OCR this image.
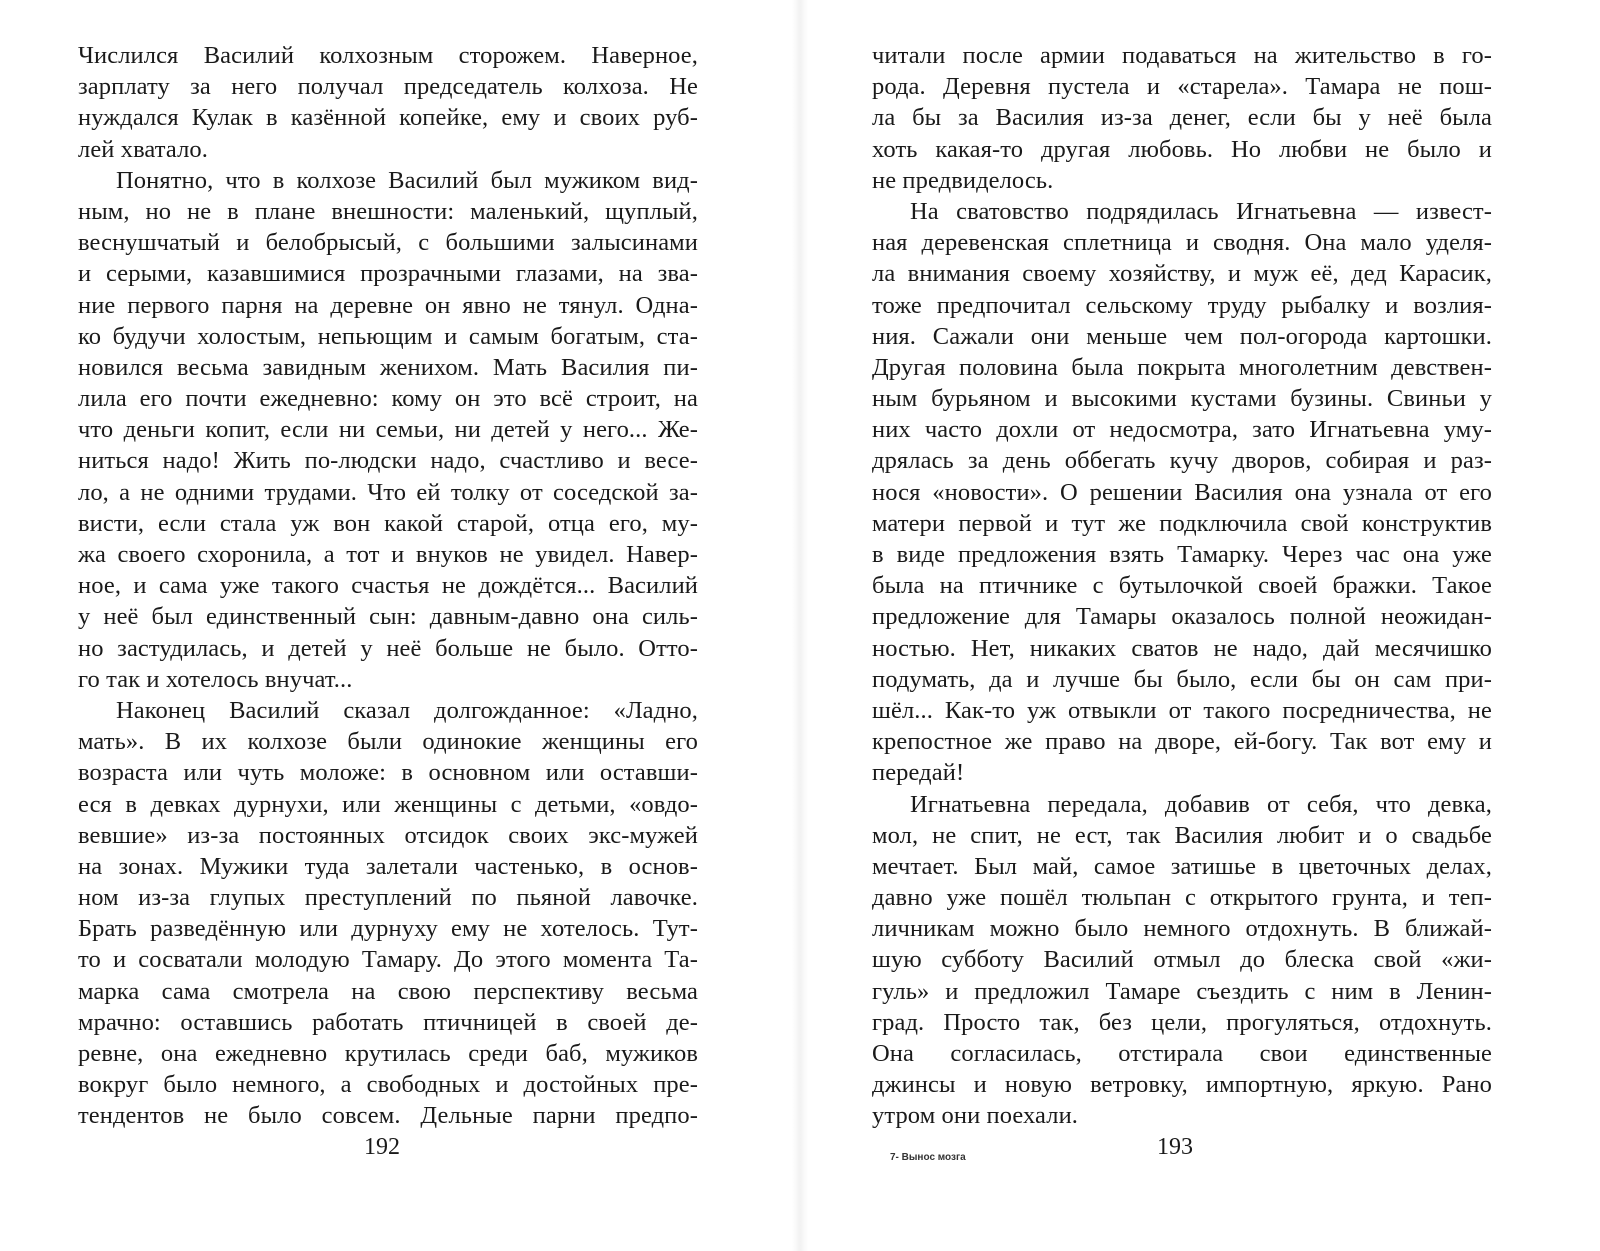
Числился Василий колхозным сторожем. Наверное,
зарплату за него получал председатель колхоза. Не
нуждался Кулак в казённой копейке, ему и своих руб-
лей хватало.
Понятно, что в колхозе Василий был мужиком вид-
ным, но не в плане внешности: маленький, щуплый,
веснушчатый и белобрысый, с большими залысинами
и серыми, казавшимися прозрачными глазами, на зва-
ние первого парня на деревне он явно не тянул. Одна-
ко будучи холостым, непьющим и самым богатым, ста-
новился весьма завидным женихом. Мать Василия пи-
лила его почти ежедневно: кому он это всё строит, на
что деньги копит, если ни семьи, ни детей у него... Же-
ниться надо! Жить по-людски надо, счастливо и весе-
ло, а не одними трудами. Что ей толку от соседской за-
висти, если стала уж вон какой старой, отца его, му-
жа своего схоронила, а тот и внуков не увидел. Навер-
ное, и сама уже такого счастья не дождётся... Василий
у неё был единственный сын: давным-давно она силь-
но застудилась, и детей у неё больше не было. Отто-
го так и хотелось внучат...
Наконец Василий сказал долгожданное: «Ладно,
мать». В их колхозе были одинокие женщины его
возраста или чуть моложе: в основном или оставши-
еся в девках дурнухи, или женщины с детьми, «овдо-
вевшие» из-за постоянных отсидок своих экс-мужей
на зонах. Мужики туда залетали частенько, в основ-
ном из-за глупых преступлений по пьяной лавочке.
Брать разведённую или дурнуху ему не хотелось. Тут-
то и сосватали молодую Тамару. До этого момента Та-
марка сама смотрела на свою перспективу весьма
мрачно: оставшись работать птичницей в своей де-
ревне, она ежедневно крутилась среди баб, мужиков
вокруг было немного, а свободных и достойных пре-
тендентов не было совсем. Дельные парни предпо-
192
читали после армии подаваться на жительство в го-
рода. Деревня пустела и «старела». Тамара не пош-
ла бы за Василия из-за денег, если бы у неё была
хоть какая-то другая любовь. Но любви не было и
не предвиделось.
На сватовство подрядилась Игнатьевна — извест-
ная деревенская сплетница и сводня. Она мало уделя-
ла внимания своему хозяйству, и муж её, дед Карасик,
тоже предпочитал сельскому труду рыбалку и возлия-
ния. Сажали они меньше чем пол-огорода картошки.
Другая половина была покрыта многолетним девствен-
ным бурьяном и высокими кустами бузины. Свиньи у
них часто дохли от недосмотра, зато Игнатьевна уму-
дрялась за день оббегать кучу дворов, собирая и раз-
нося «новости». О решении Василия она узнала от его
матери первой и тут же подключила свой конструктив
в виде предложения взять Тамарку. Через час она уже
была на птичнике с бутылочкой своей бражки. Такое
предложение для Тамары оказалось полной неожидан-
ностью. Нет, никаких сватов не надо, дай месячишко
подумать, да и лучше бы было, если бы он сам при-
шёл... Как-то уж отвыкли от такого посредничества, не
крепостное же право на дворе, ей-богу. Так вот ему и
передай!
Игнатьевна передала, добавив от себя, что девка,
мол, не спит, не ест, так Василия любит и о свадьбе
мечтает. Был май, самое затишье в цветочных делах,
давно уже пошёл тюльпан с открытого грунта, и теп-
личникам можно было немного отдохнуть. В ближай-
шую субботу Василий отмыл до блеска свой «жи-
гуль» и предложил Тамаре съездить с ним в Ленин-
град. Просто так, без цели, прогуляться, отдохнуть.
Она согласилась, отстирала свои единственные
джинсы и новую ветровку, импортную, яркую. Рано
утром они поехали.
7- Вынос мозга	193
